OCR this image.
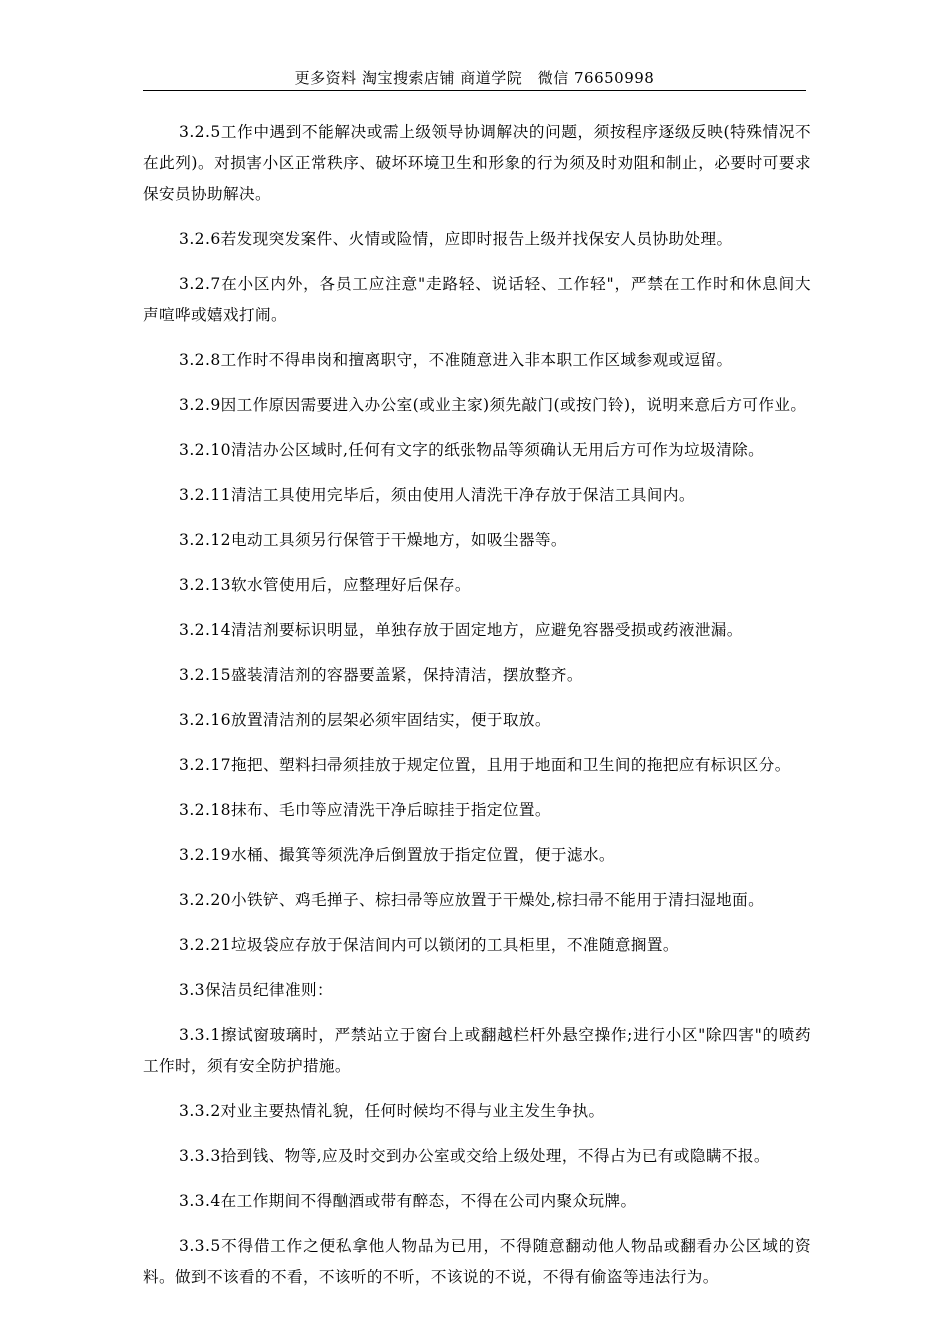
更多资料 淘宝搜索店铺 商道学院　微信 76650998

3.2.5工作中遇到不能解决或需上级领导协调解决的问题，须按程序逐级反映(特殊情况不在此列)。对损害小区正常秩序、破坏环境卫生和形象的行为须及时劝阻和制止，必要时可要求保安员协助解决。

3.2.6若发现突发案件、火情或险情，应即时报告上级并找保安人员协助处理。

3.2.7在小区内外，各员工应注意"走路轻、说话轻、工作轻"，严禁在工作时和休息间大声喧哗或嬉戏打闹。

3.2.8工作时不得串岗和擅离职守，不准随意进入非本职工作区域参观或逗留。

3.2.9因工作原因需要进入办公室(或业主家)须先敲门(或按门铃)，说明来意后方可作业。

3.2.10清洁办公区域时,任何有文字的纸张物品等须确认无用后方可作为垃圾清除。

3.2.11清洁工具使用完毕后，须由使用人清洗干净存放于保洁工具间内。

3.2.12电动工具须另行保管于干燥地方，如吸尘器等。

3.2.13软水管使用后，应整理好后保存。

3.2.14清洁剂要标识明显，单独存放于固定地方，应避免容器受损或药液泄漏。

3.2.15盛装清洁剂的容器要盖紧，保持清洁，摆放整齐。

3.2.16放置清洁剂的层架必须牢固结实，便于取放。

3.2.17拖把、塑料扫帚须挂放于规定位置，且用于地面和卫生间的拖把应有标识区分。

3.2.18抹布、毛巾等应清洗干净后晾挂于指定位置。

3.2.19水桶、撮箕等须洗净后倒置放于指定位置，便于滤水。

3.2.20小铁铲、鸡毛掸子、棕扫帚等应放置于干燥处,棕扫帚不能用于清扫湿地面。

3.2.21垃圾袋应存放于保洁间内可以锁闭的工具柜里，不准随意搁置。

3.3保洁员纪律准则：

3.3.1擦试窗玻璃时，严禁站立于窗台上或翻越栏杆外悬空操作;进行小区"除四害"的喷药工作时，须有安全防护措施。

3.3.2对业主要热情礼貌，任何时候均不得与业主发生争执。

3.3.3拾到钱、物等,应及时交到办公室或交给上级处理，不得占为已有或隐瞒不报。

3.3.4在工作期间不得酗酒或带有醉态，不得在公司内聚众玩牌。

3.3.5不得借工作之便私拿他人物品为已用，不得随意翻动他人物品或翻看办公区域的资料。做到不该看的不看，不该听的不听，不该说的不说，不得有偷盗等违法行为。
